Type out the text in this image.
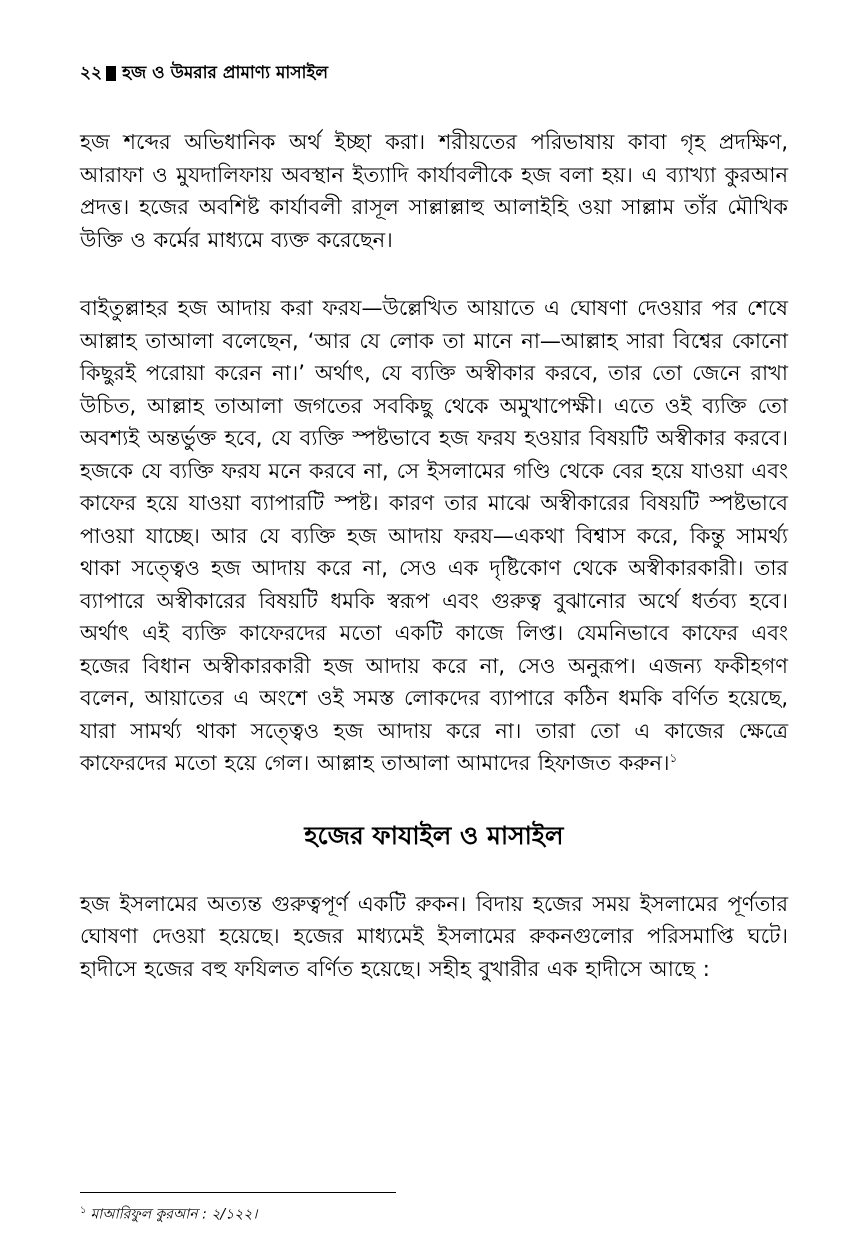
২২ হজ ও উমরার প্রামাণ্য মাসাইল

হজ শব্দের অভিধানিক অর্থ ইচ্ছা করা। শরীয়তের পরিভাষায় কাবা গৃহ প্রদক্ষিণ, আরাফা ও মুযদালিফায় অবস্থান ইত্যাদি কার্যাবলীকে হজ বলা হয়। এ ব্যাখ্যা কুরআন প্রদত্ত। হজের অবশিষ্ট কার্যাবলী রাসূল সাল্লাল্লাহু আলাইহি ওয়া সাল্লাম তাঁর মৌখিক উক্তি ও কর্মের মাধ্যমে ব্যক্ত করেছেন।

বাইতুল্লাহর হজ আদায় করা ফরয—উল্লেখিত আয়াতে এ ঘোষণা দেওয়ার পর শেষে আল্লাহ তাআলা বলেছেন, ‘আর যে লোক তা মানে না—আল্লাহ সারা বিশ্বের কোনো কিছুরই পরোয়া করেন না।’ অর্থাৎ, যে ব্যক্তি অস্বীকার করবে, তার তো জেনে রাখা উচিত, আল্লাহ তাআলা জগতের সবকিছু থেকে অমুখাপেক্ষী। এতে ওই ব্যক্তি তো অবশ্যই অন্তর্ভুক্ত হবে, যে ব্যক্তি স্পষ্টভাবে হজ ফরয হওয়ার বিষয়টি অস্বীকার করবে। হজকে যে ব্যক্তি ফরয মনে করবে না, সে ইসলামের গণ্ডি থেকে বের হয়ে যাওয়া এবং কাফের হয়ে যাওয়া ব্যাপারটি স্পষ্ট। কারণ তার মাঝে অস্বীকারের বিষয়টি স্পষ্টভাবে পাওয়া যাচ্ছে। আর যে ব্যক্তি হজ আদায় ফরয—একথা বিশ্বাস করে, কিন্তু সামর্থ্য থাকা সত্ত্বেও হজ আদায় করে না, সেও এক দৃষ্টিকোণ থেকে অস্বীকারকারী। তার ব্যাপারে অস্বীকারের বিষয়টি ধমকি স্বরূপ এবং গুরুত্ব বুঝানোর অর্থে ধর্তব্য হবে। অর্থাৎ এই ব্যক্তি কাফেরদের মতো একটি কাজে লিপ্ত। যেমনিভাবে কাফের এবং হজের বিধান অস্বীকারকারী হজ আদায় করে না, সেও অনুরূপ। এজন্য ফকীহগণ বলেন, আয়াতের এ অংশে ওই সমস্ত লোকদের ব্যাপারে কঠিন ধমকি বর্ণিত হয়েছে, যারা সামর্থ্য থাকা সত্ত্বেও হজ আদায় করে না। তারা তো এ কাজের ক্ষেত্রে কাফেরদের মতো হয়ে গেল। আল্লাহ তাআলা আমাদের হিফাজত করুন।$^১$

হজের ফাযাইল ও মাসাইল

হজ ইসলামের অত্যন্ত গুরুত্বপূর্ণ একটি রুকন। বিদায় হজের সময় ইসলামের পূর্ণতার ঘোষণা দেওয়া হয়েছে। হজের মাধ্যমেই ইসলামের রুকনগুলোর পরিসমাপ্তি ঘটে। হাদীসে হজের বহু ফযিলত বর্ণিত হয়েছে। সহীহ বুখারীর এক হাদীসে আছে :

$^১$ মাআরিফুল কুরআন : ২/১২২।
